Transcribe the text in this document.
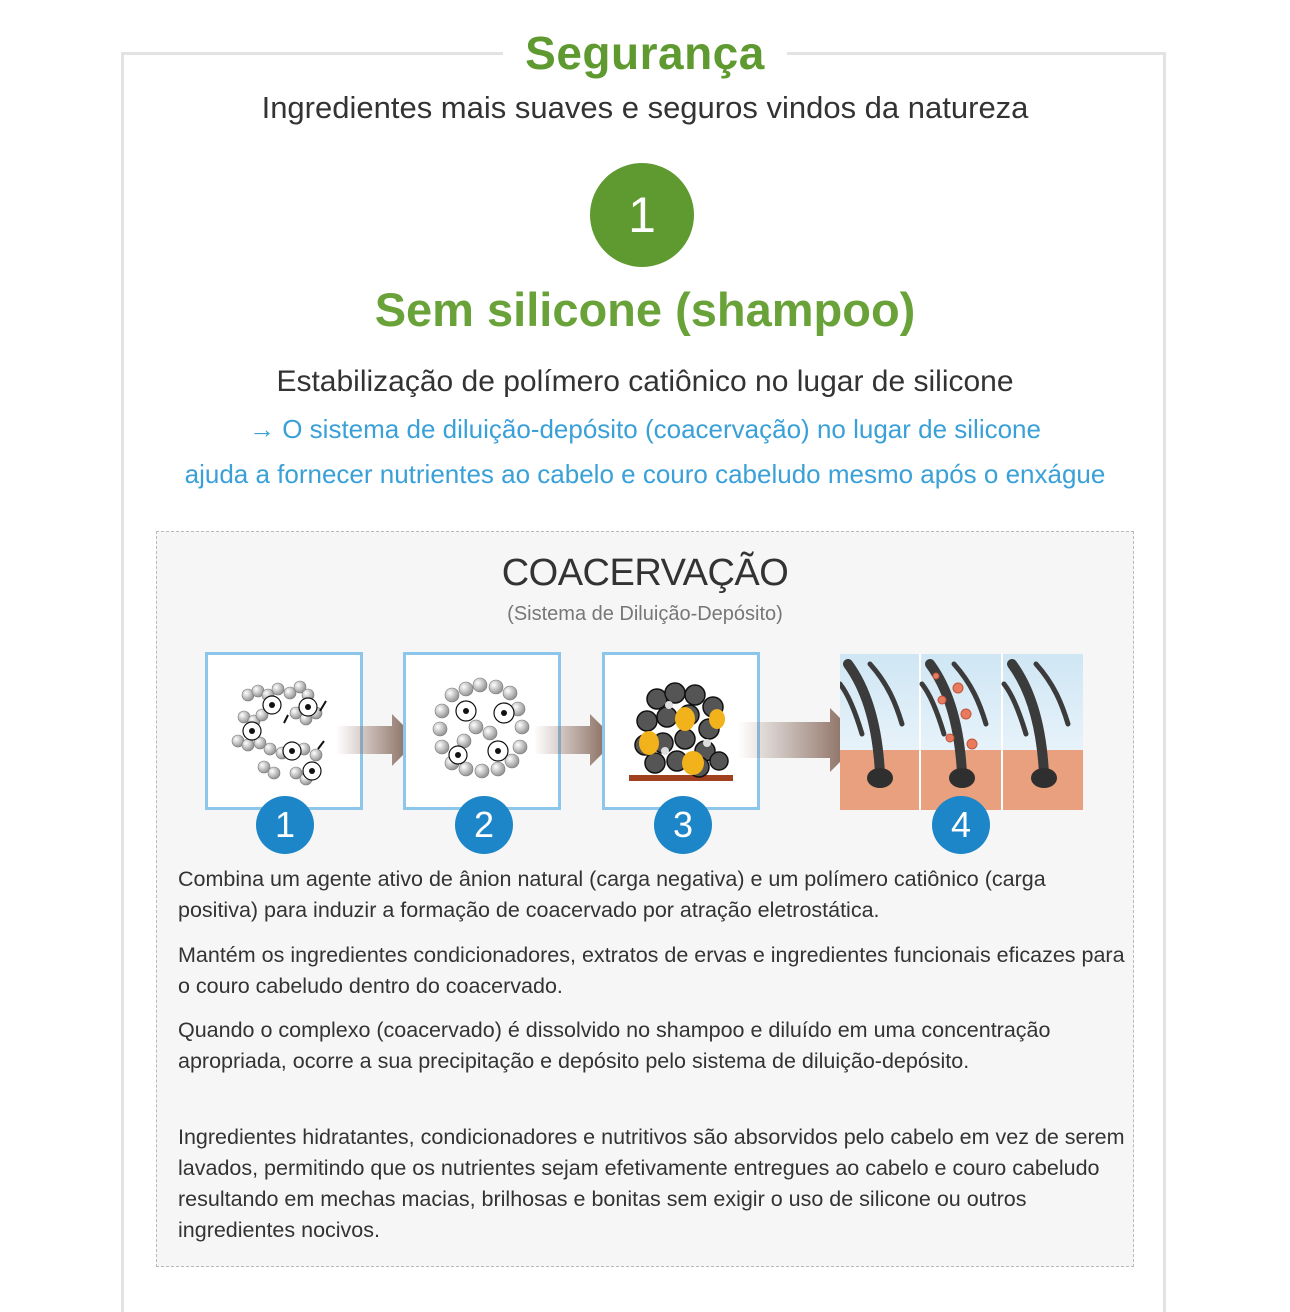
Segurança
Ingredientes mais suaves e seguros vindos da natureza
1
Sem silicone (shampoo)
Estabilização de polímero catiônico no lugar de silicone
→ O sistema de diluição-depósito (coacervação) no lugar de silicone
ajuda a fornecer nutrientes ao cabelo e couro cabeludo mesmo após o enxágue
COACERVAÇÃO
(Sistema de Diluição-Depósito)
1	2	3	4

Combina um agente ativo de ânion natural (carga negativa) e um polímero catiônico (carga positiva) para induzir a formação de coacervado por atração eletrostática.

Mantém os ingredientes condicionadores, extratos de ervas e ingredientes funcionais eficazes para o couro cabeludo dentro do coacervado.

Quando o complexo (coacervado) é dissolvido no shampoo e diluído em uma concentração apropriada, ocorre a sua precipitação e depósito pelo sistema de diluição-depósito.

Ingredientes hidratantes, condicionadores e nutritivos são absorvidos pelo cabelo em vez de serem lavados, permitindo que os nutrientes sejam efetivamente entregues ao cabelo e couro cabeludo resultando em mechas macias, brilhosas e bonitas sem exigir o uso de silicone ou outros ingredientes nocivos.
